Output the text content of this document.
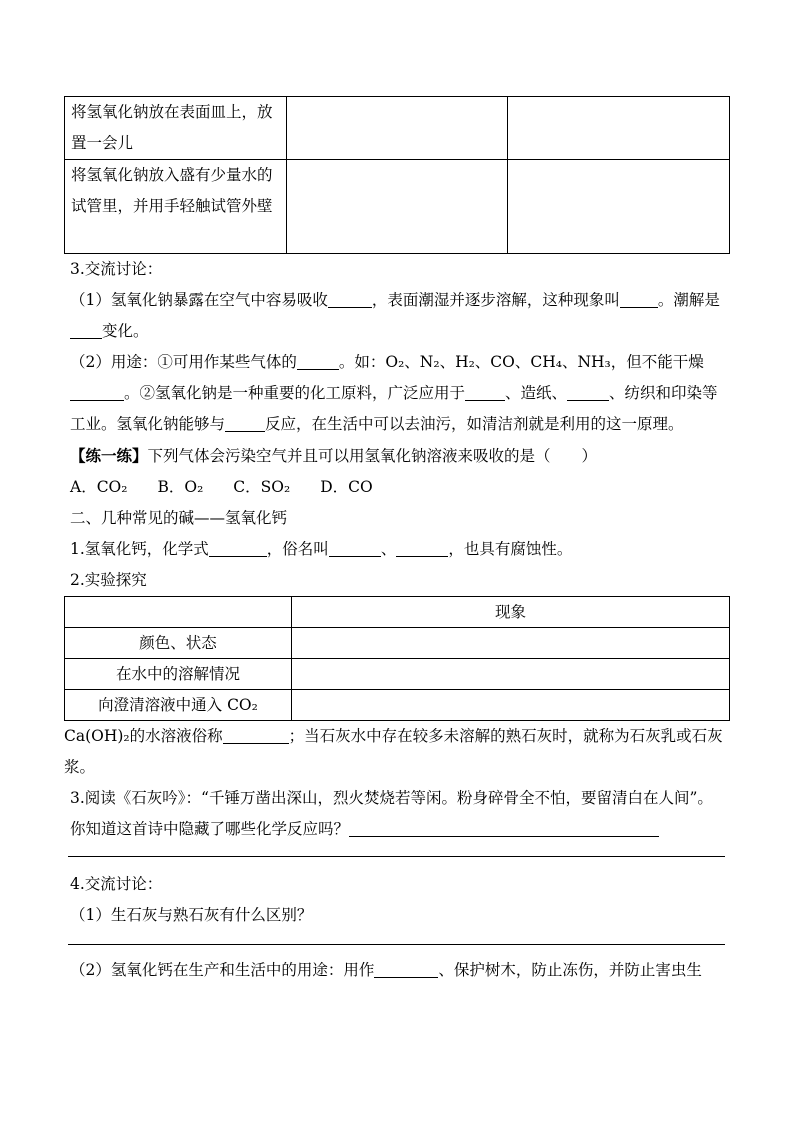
将氢氧化钠放在表面皿上，放置一会儿		
将氢氧化钠放入盛有少量水的试管里，并用手轻触试管外壁		

3.交流讨论：

（1）氢氧化钠暴露在空气中容易吸收	，表面潮湿并逐步溶解，这种现象叫 。潮解是变化。

（2）用途：①可用作某些气体的	。如：O₂、N₂、H₂、CO、CH₄、NH₃，但不能干燥。②氢氧化钠是一种重要的化工原料，广泛应用于	、造纸、	、纺织和印染等工业。氢氧化钠能够与	反应，在生活中可以去油污，如清洁剂就是利用的这一原理。

【练一练】下列气体会污染空气并且可以用氢氧化钠溶液来吸收的是（　　）

A．CO₂ B．O₂ C．SO₂ D．CO

二、几种常见的碱——氢氧化钙

1.氢氧化钙，化学式	，俗名叫	、	，也具有腐蚀性。

2.实验探究

	现象
颜色、状态	
在水中的溶解情况	
向澄清溶液中通入 CO₂	

Ca(OH)₂的水溶液俗称	；当石灰水中存在较多未溶解的熟石灰时，就称为石灰乳或石灰浆。

3.阅读《石灰吟》：“千锤万凿出深山，烈火焚烧若等闲。粉身碎骨全不怕，要留清白在人间”。你知道这首诗中隐藏了哪些化学反应吗？

4.交流讨论：

（1）生石灰与熟石灰有什么区别？

（2）氢氧化钙在生产和生活中的用途：用作	、保护树木，防止冻伤，并防止害虫生
